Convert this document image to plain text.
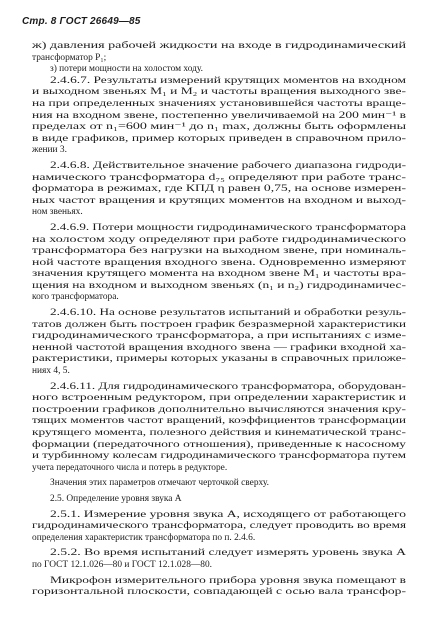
Стр. 8 ГОСТ 26649—85
ж) давления рабочей жидкости на входе в гидродинамический
трансформатор P₁;
з) потери мощности на холостом ходу.
2.4.6.7. Результаты измерений крутящих моментов на входном
и выходном звеньях M₁ и M₂ и частоты вращения выходного зве-
на при определенных значениях установившейся частоты враще-
ния на входном звене, постепенно увеличиваемой на 200 мин⁻¹ в
пределах от n₁=600 мин⁻¹ до n₁ max, должны быть оформлены
в виде графиков, пример которых приведен в справочном прило-
жении 3.
2.4.6.8. Действительное значение рабочего диапазона гидроди-
намического трансформатора d₇₅ определяют при работе транс-
форматора в режимах, где КПД η равен 0,75, на основе измерен-
ных частот вращения и крутящих моментов на входном и выход-
ном звеньях.
2.4.6.9. Потери мощности гидродинамического трансформатора
на холостом ходу определяют при работе гидродинамического
трансформатора без нагрузки на выходном звене, при номиналь-
ной частоте вращения входного звена. Одновременно измеряют
значения крутящего момента на входном звене M₁ и частоты вра-
щения на входном и выходном звеньях (n₁ и n₂) гидродинамичес-
кого трансформатора.
2.4.6.10. На основе результатов испытаний и обработки резуль-
татов должен быть построен график безразмерной характеристики
гидродинамического трансформатора, а при испытаниях с изме-
ненной частотой вращения входного звена — графики входной ха-
рактеристики, примеры которых указаны в справочных приложе-
ниях 4, 5.
2.4.6.11. Для гидродинамического трансформатора, оборудован-
ного встроенным редуктором, при определении характеристик и
построении графиков дополнительно вычисляются значения кру-
тящих моментов частот вращений, коэффициентов трансформации
крутящего момента, полезного действия и кинематической транс-
формации (передаточного отношения), приведенные к насосному
и турбинному колесам гидродинамического трансформатора путем
учета передаточного числа и потерь в редукторе.
Значения этих параметров отмечают черточкой сверху.
2.5. Определение уровня звука A
2.5.1. Измерение уровня звука A, исходящего от работающего
гидродинамического трансформатора, следует проводить во время
определения характеристик трансформатора по п. 2.4.6.
2.5.2. Во время испытаний следует измерять уровень звука A
по ГОСТ 12.1.026—80 и ГОСТ 12.1.028—80.
Микрофон измерительного прибора уровня звука помещают в
горизонтальной плоскости, совпадающей с осью вала трансфор-
